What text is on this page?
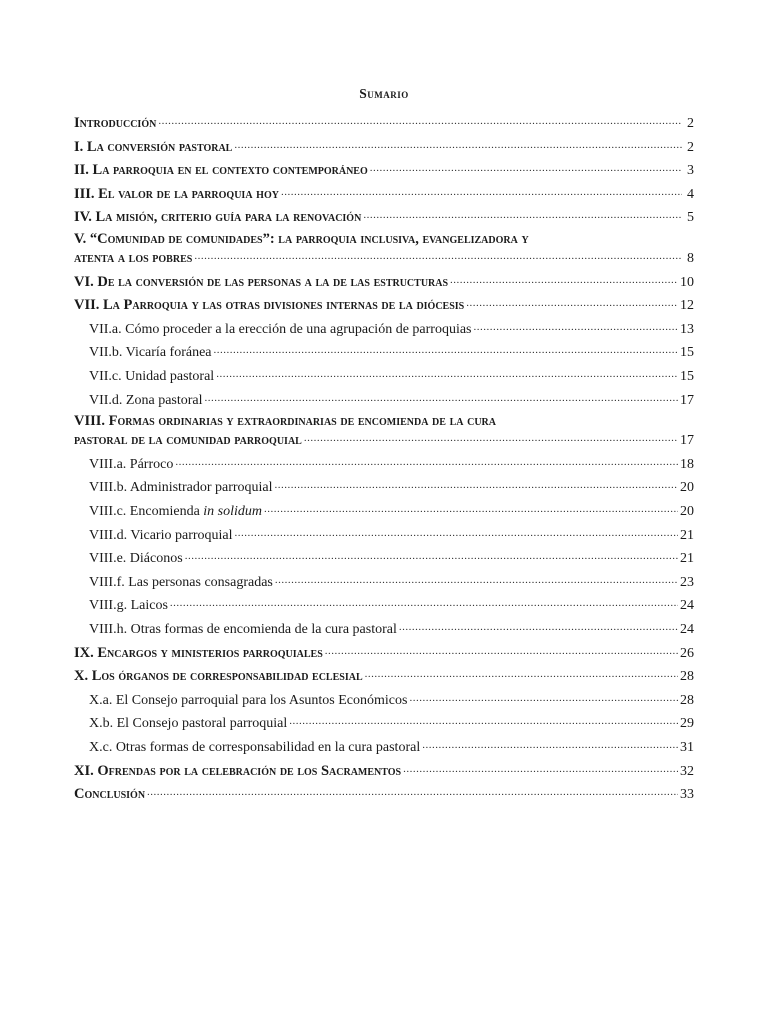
Sumario
Introducción .....	2
I. La conversión pastoral .....	2
II. La parroquia en el contexto contemporáneo .....	3
III. El valor de la parroquia hoy .....	4
IV. La misión, criterio guía para la renovación .....	5
V. “Comunidad de comunidades”: la parroquia inclusiva, evangelizadora y
atenta a los pobres .....	8
VI. De la conversión de las personas a la de las estructuras .....	10
VII. La Parroquia y las otras divisiones internas de la diócesis .....	12
VII.a. Cómo proceder a la erección de una agrupación de parroquias .....	13
VII.b. Vicaría foránea .....	15
VII.c. Unidad pastoral .....	15
VII.d. Zona pastoral .....	17
VIII. Formas ordinarias y extraordinarias de encomienda de la cura
pastoral de la comunidad parroquial .....	17
VIII.a. Párroco .....	18
VIII.b. Administrador parroquial .....	20
VIII.c. Encomienda in solidum .....	20
VIII.d. Vicario parroquial .....	21
VIII.e. Diáconos .....	21
VIII.f. Las personas consagradas .....	23
VIII.g. Laicos .....	24
VIII.h. Otras formas de encomienda de la cura pastoral .....	24
IX. Encargos y ministerios parroquiales .....	26
X. Los órganos de corresponsabilidad eclesial .....	28
X.a. El Consejo parroquial para los Asuntos Económicos .....	28
X.b. El Consejo pastoral parroquial .....	29
X.c. Otras formas de corresponsabilidad en la cura pastoral .....	31
XI. Ofrendas por la celebración de los Sacramentos .....	32
Conclusión .....	33
